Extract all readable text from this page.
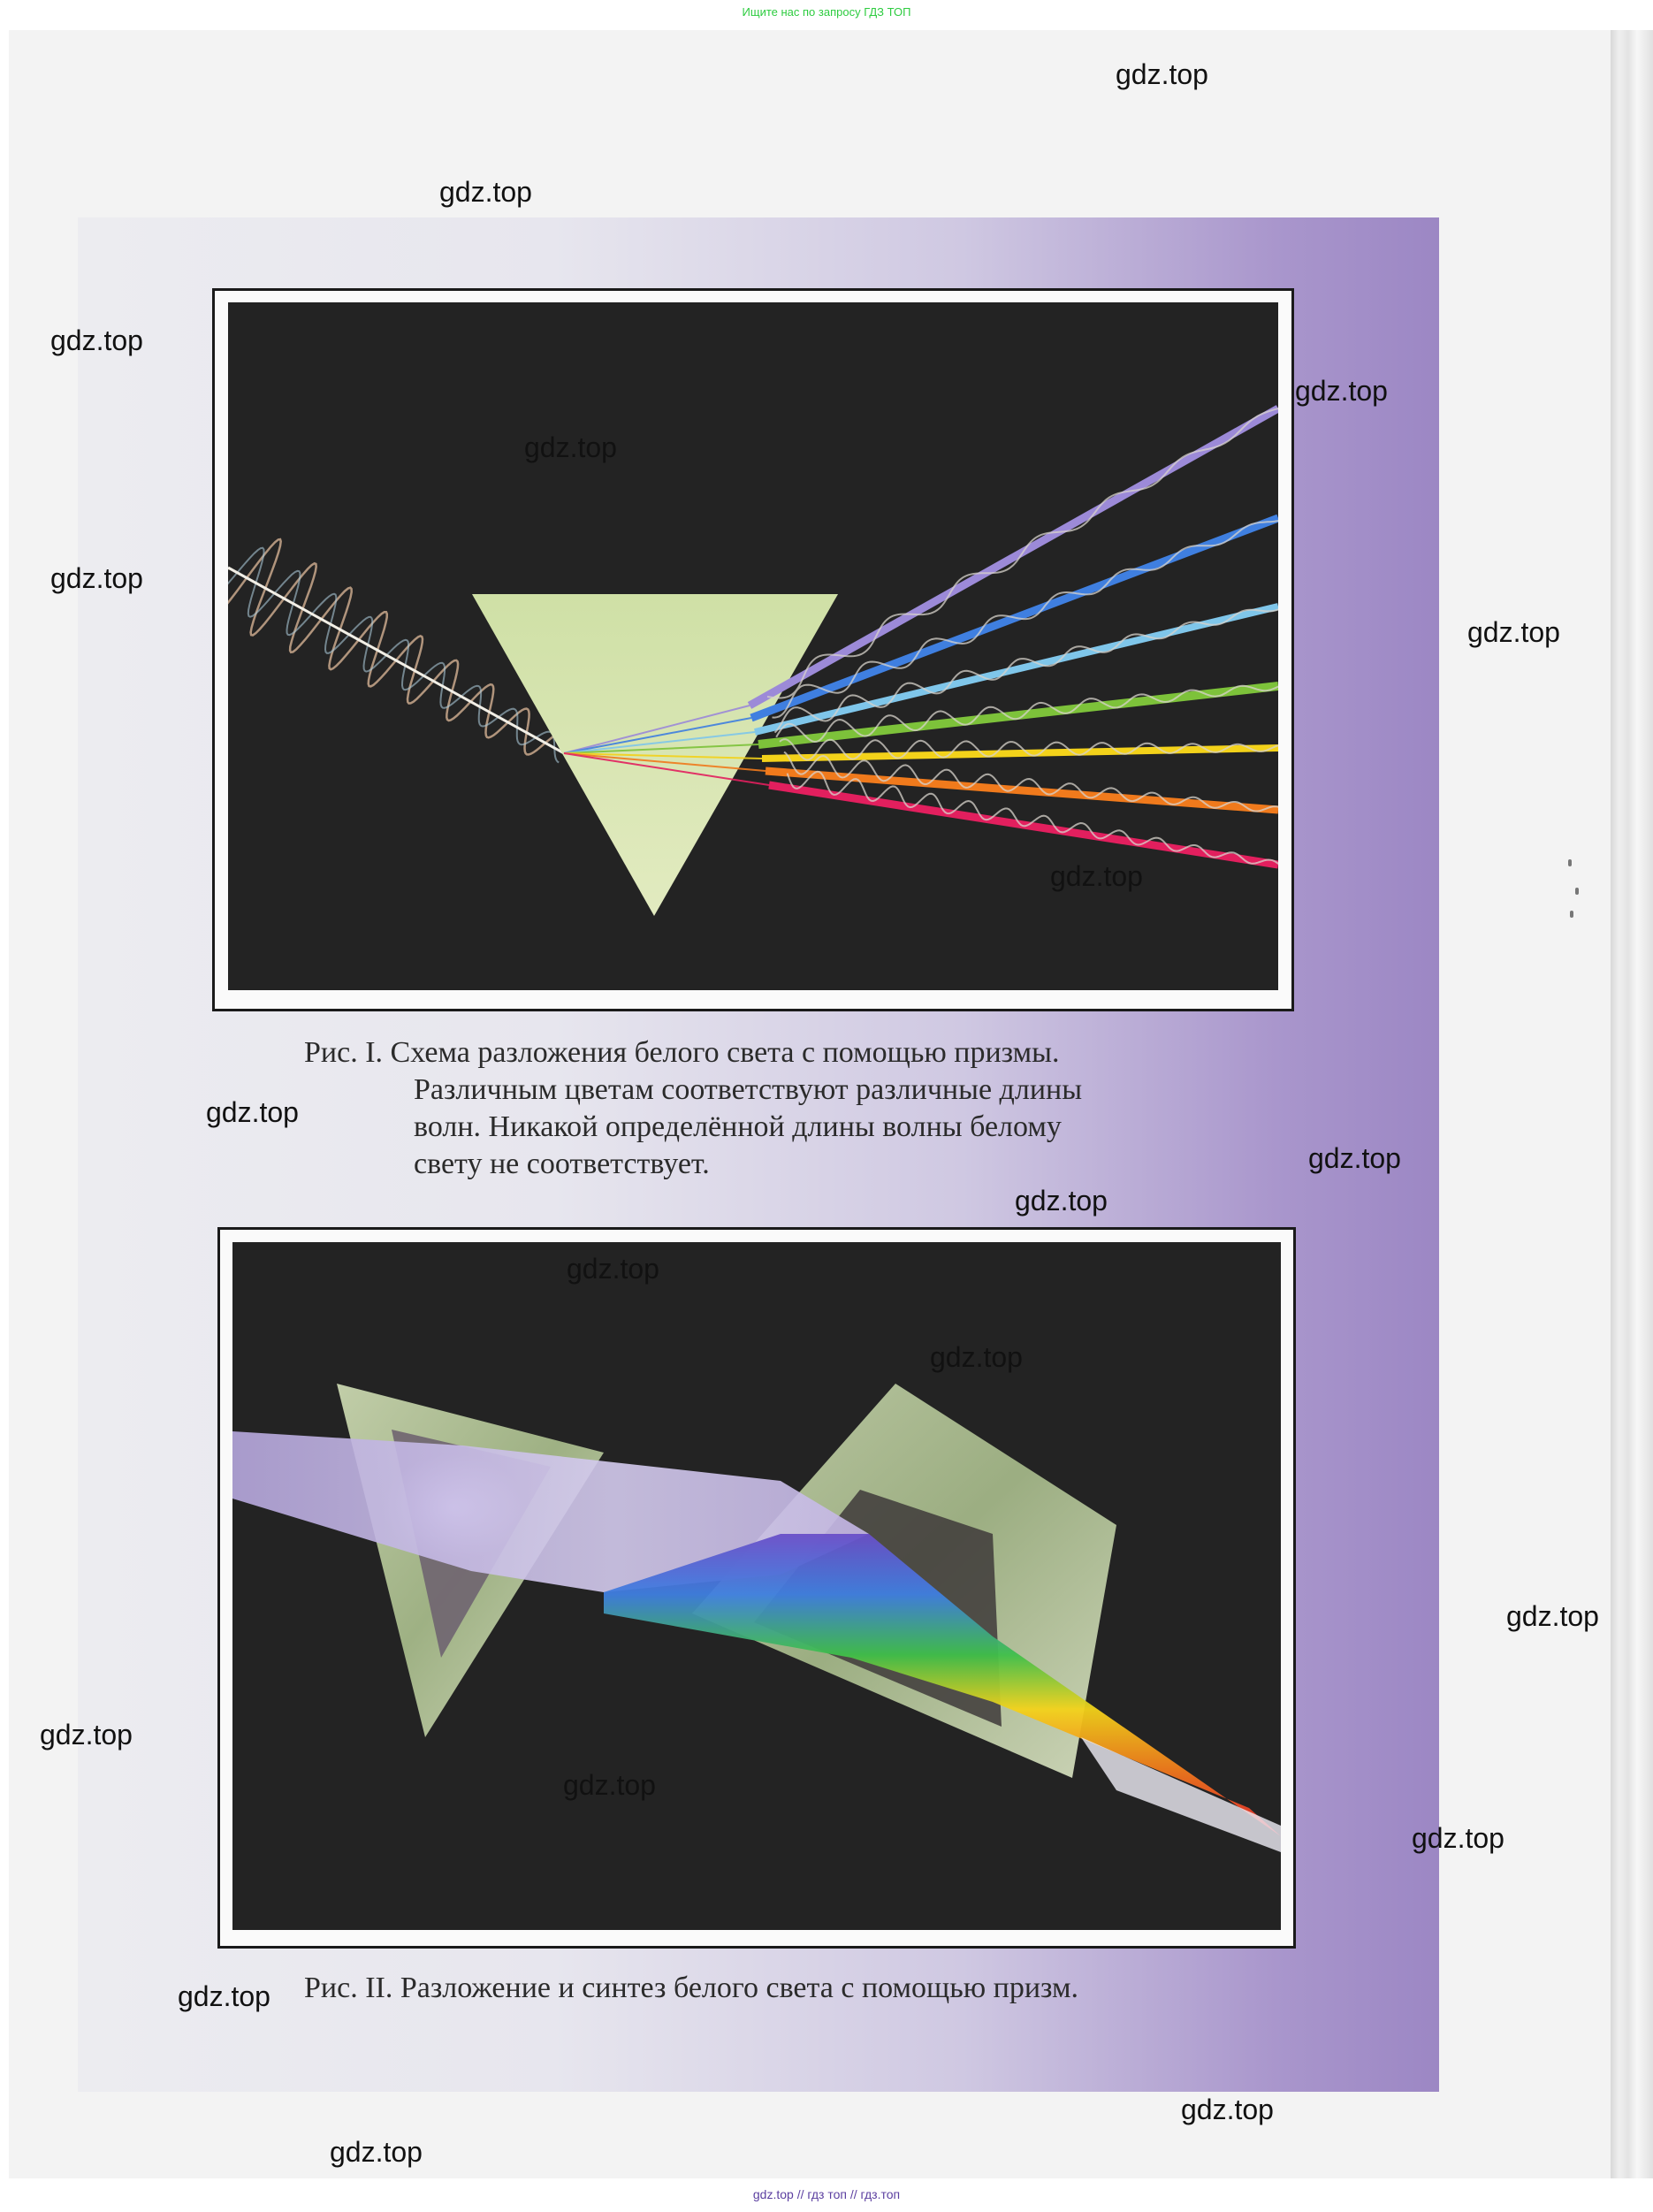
Ищите нас по запросу ГДЗ ТОП

Рис. I. Схема разложения белого света с помощью призмы.
Различным цветам соответствуют различные длины
волн. Никакой определённой длины волны белому
свету не соответствует.

Рис. II. Разложение и синтез белого света с помощью призм.

gdz.top
gdz.top
gdz.top
gdz.top
gdz.top
gdz.top
gdz.top
gdz.top
gdz.top
gdz.top
gdz.top
gdz.top
gdz.top
gdz.top
gdz.top
gdz.top
gdz.top
gdz.top
gdz.top
gdz.top
gdz.top // гдз топ // гдз.топ
